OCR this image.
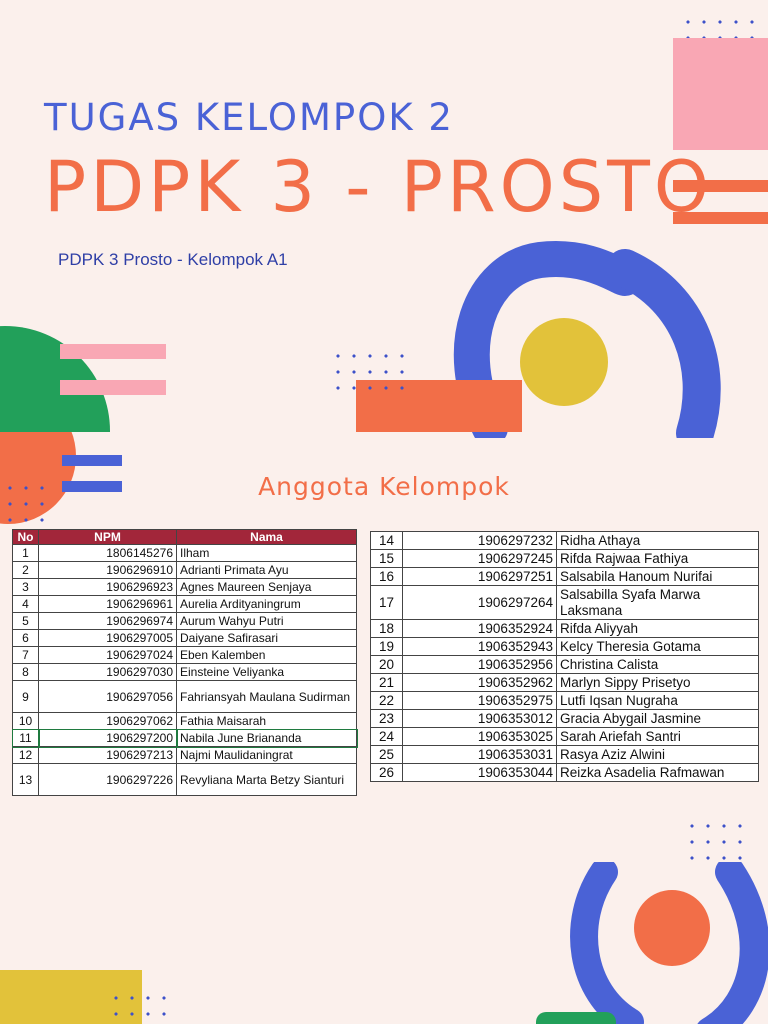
TUGAS KELOMPOK 2
PDPK 3 - PROSTO
PDPK 3 Prosto - Kelompok A1
Anggota Kelompok
No	NPM	Nama
1	1806145276	Ilham
2	1906296910	Adrianti Primata Ayu
3	1906296923	Agnes Maureen Senjaya
4	1906296961	Aurelia Ardityaningrum
5	1906296974	Aurum Wahyu Putri
6	1906297005	Daiyane Safirasari
7	1906297024	Eben Kalemben
8	1906297030	Einsteine Veliyanka
9	1906297056	Fahriansyah Maulana Sudirman
10	1906297062	Fathia Maisarah
11	1906297200	Nabila June Briananda
12	1906297213	Najmi Maulidaningrat
13	1906297226	Revyliana Marta Betzy Sianturi
14	1906297232	Ridha Athaya
15	1906297245	Rifda Rajwaa Fathiya
16	1906297251	Salsabila Hanoum Nurifai
17	1906297264	Salsabilla Syafa Marwa Laksmana
18	1906352924	Rifda Aliyyah
19	1906352943	Kelcy Theresia Gotama
20	1906352956	Christina Calista
21	1906352962	Marlyn Sippy Prisetyo
22	1906352975	Lutfi Iqsan Nugraha
23	1906353012	Gracia Abygail Jasmine
24	1906353025	Sarah Ariefah Santri
25	1906353031	Rasya Aziz Alwini
26	1906353044	Reizka Asadelia Rafmawan
